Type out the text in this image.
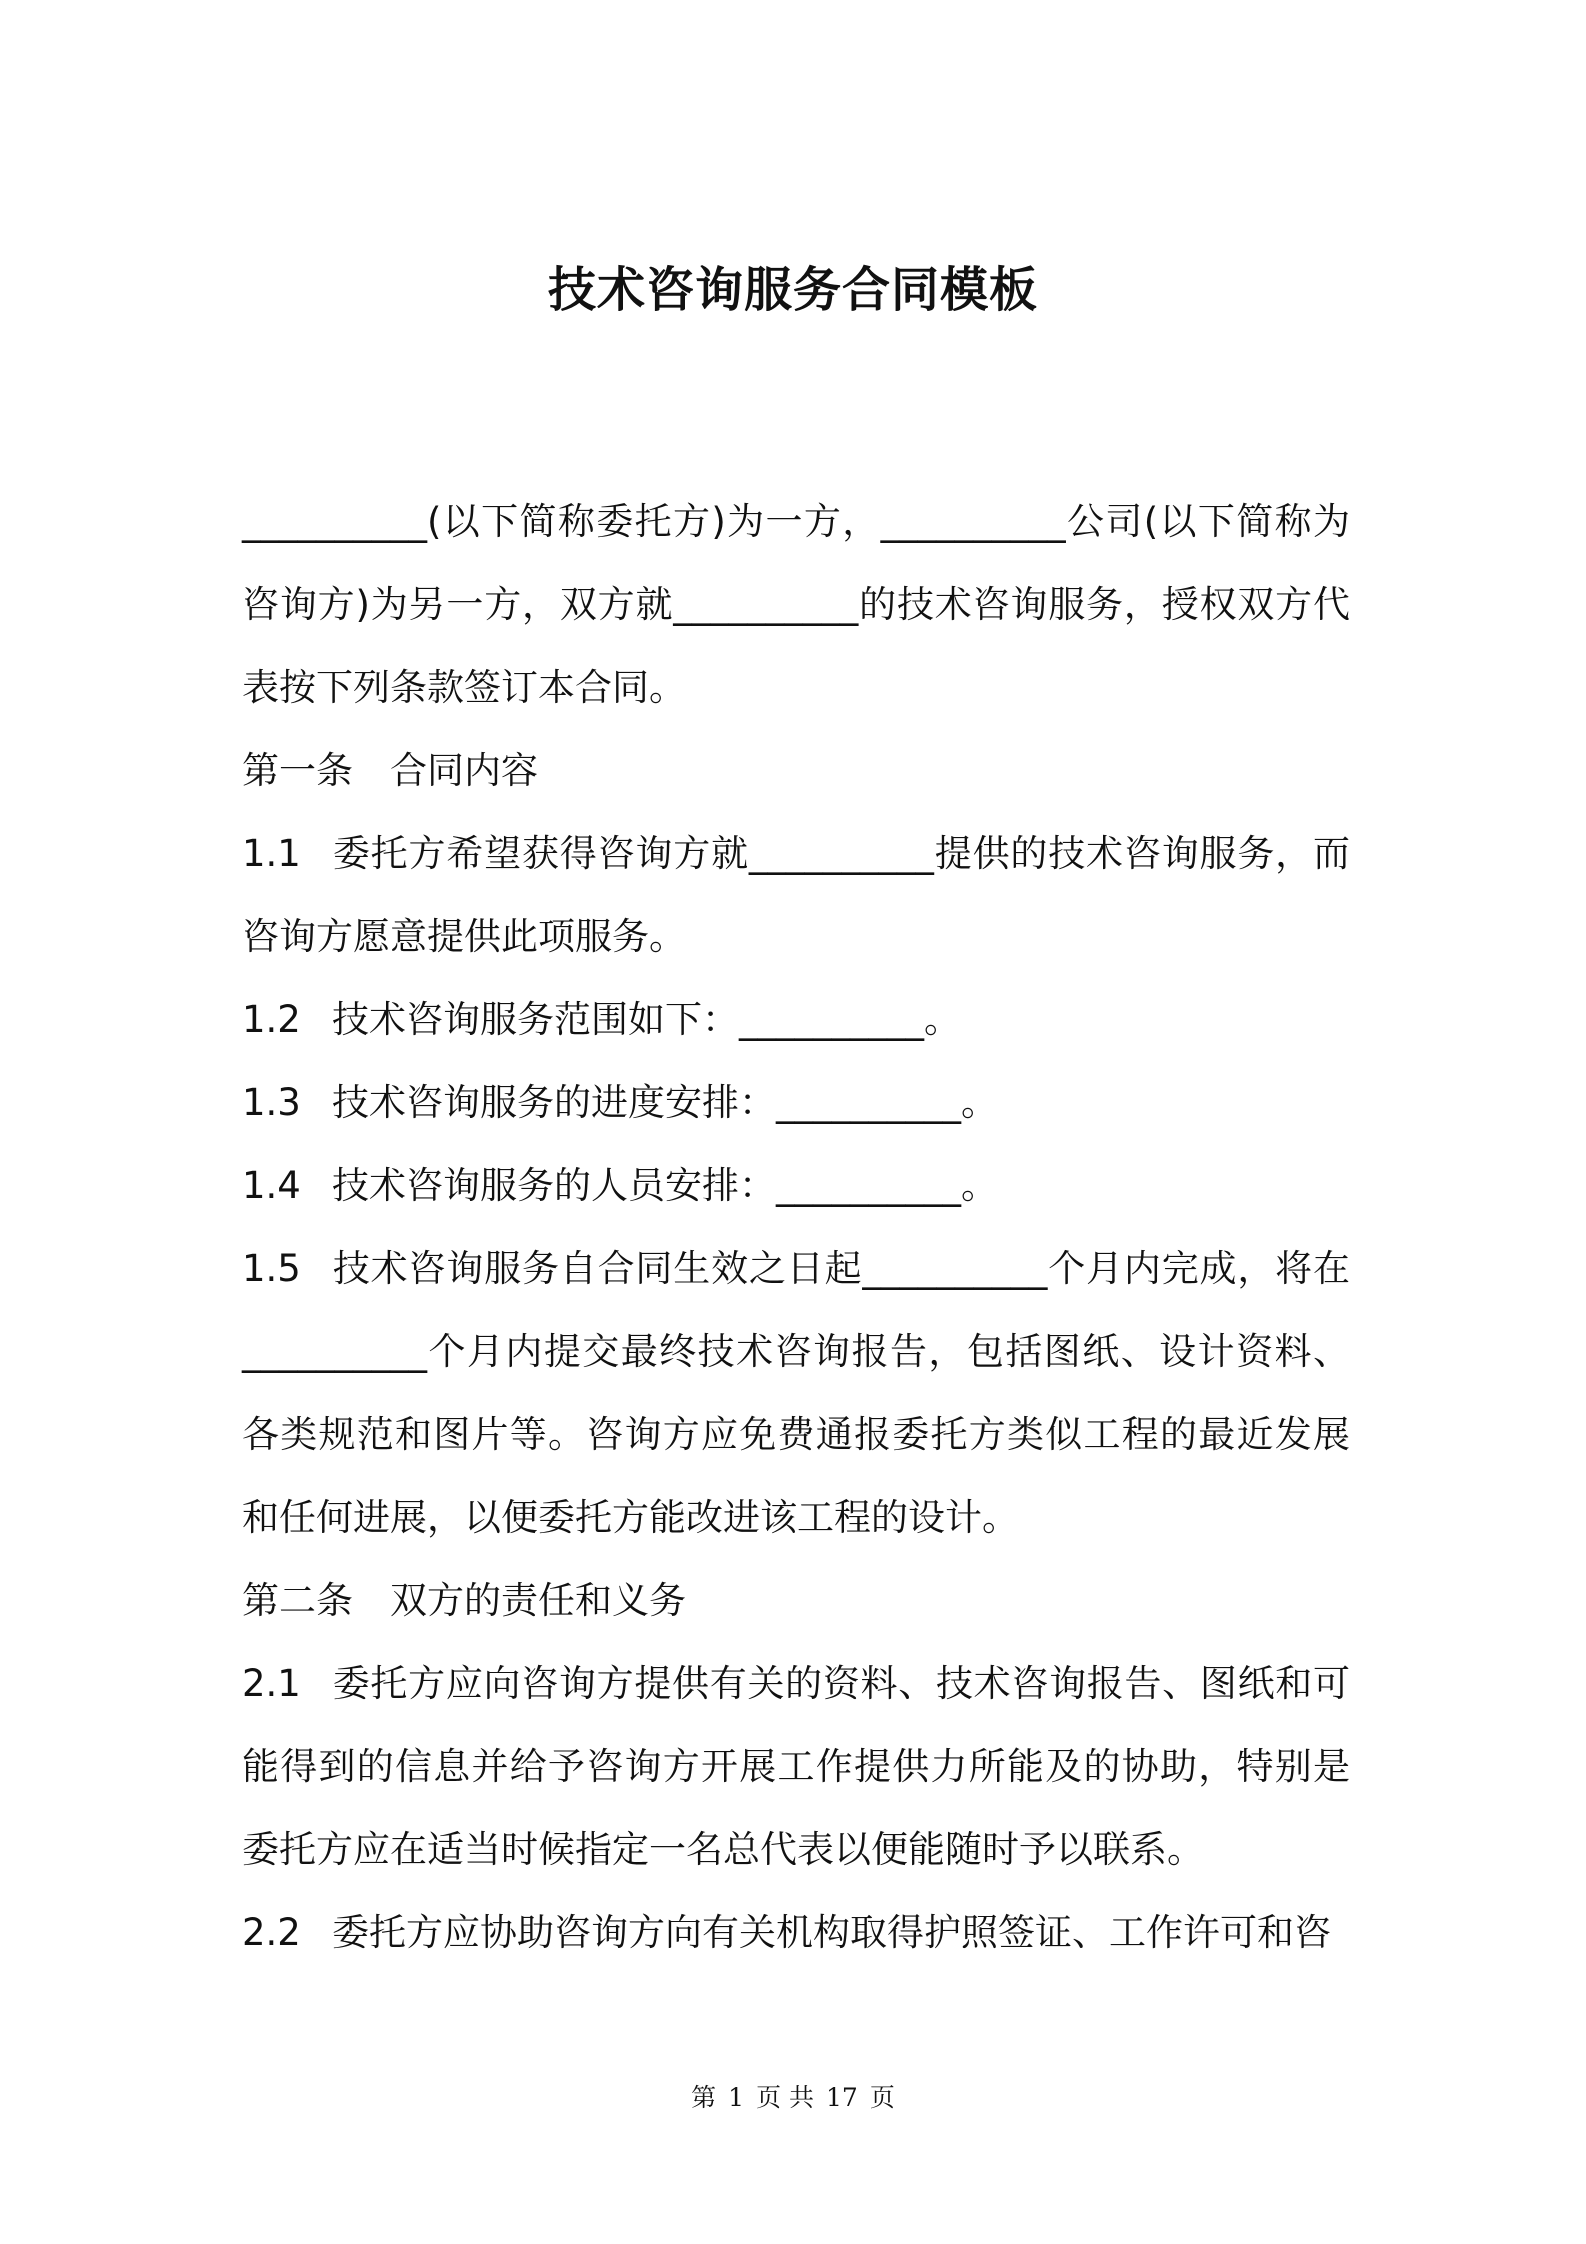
技术咨询服务合同模板

__________(以下简称委托方)为一方，__________公司(以下简称为咨询方)为另一方，双方就__________的技术咨询服务，授权双方代表按下列条款签订本合同。

第一条 合同内容

1.1 委托方希望获得咨询方就__________提供的技术咨询服务，而咨询方愿意提供此项服务。

1.2 技术咨询服务范围如下：__________。

1.3 技术咨询服务的进度安排：__________。

1.4 技术咨询服务的人员安排：__________。

1.5 技术咨询服务自合同生效之日起__________个月内完成，将在__________个月内提交最终技术咨询报告，包括图纸、设计资料、各类规范和图片等。咨询方应免费通报委托方类似工程的最近发展和任何进展，以便委托方能改进该工程的设计。

第二条 双方的责任和义务

2.1 委托方应向咨询方提供有关的资料、技术咨询报告、图纸和可能得到的信息并给予咨询方开展工作提供力所能及的协助，特别是委托方应在适当时候指定一名总代表以便能随时予以联系。

2.2 委托方应协助咨询方向有关机构取得护照签证、工作许可和咨

第 1 页 共 17 页
